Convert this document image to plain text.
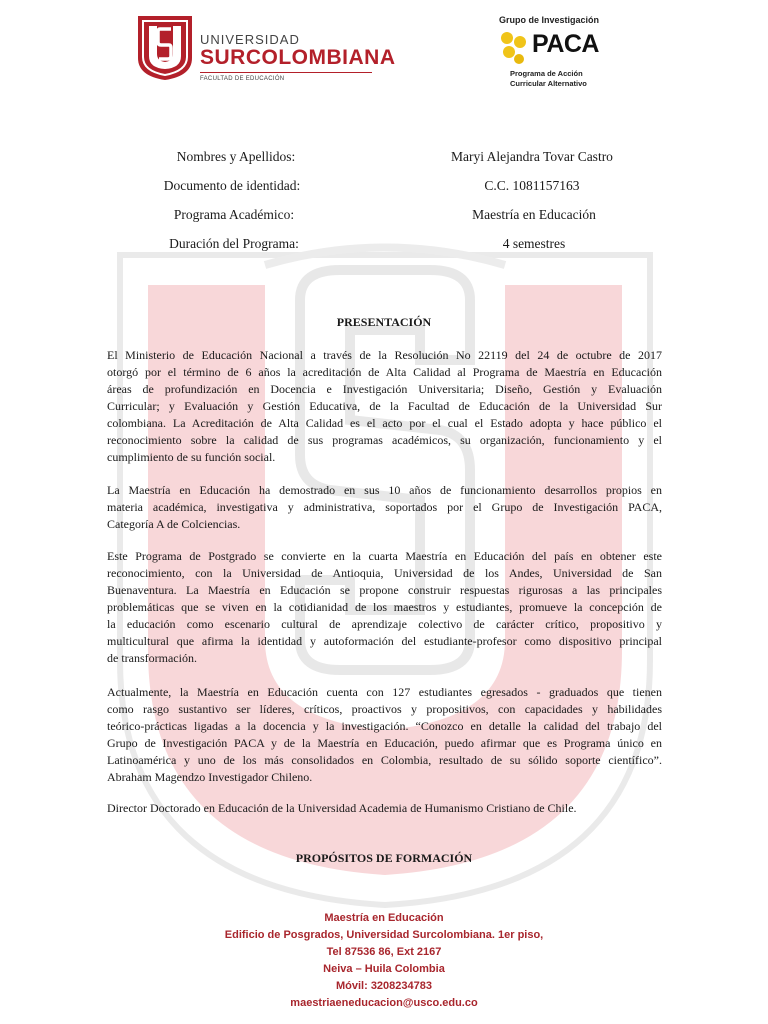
UNIVERSIDAD
SURCOLOMBIANA
FACULTAD DE EDUCACIÓN
Grupo de Investigación
PACA
Programa de Acción
Curricular Alternativo
Nombres y Apellidos:	Maryi Alejandra Tovar Castro
Documento de identidad:	C.C. 1081157163
Programa Académico:	Maestría en Educación
Duración del Programa:	4 semestres
PRESENTACIÓN
El Ministerio de Educación Nacional a través de la Resolución No 22119 del 24 de octubre de 2017
otorgó por el término de 6 años la acreditación de Alta Calidad al Programa de Maestría en Educación
áreas de profundización en Docencia e Investigación Universitaria; Diseño, Gestión y Evaluación
Curricular; y Evaluación y Gestión Educativa, de la Facultad de Educación de la Universidad Sur
colombiana. La Acreditación de Alta Calidad es el acto por el cual el Estado adopta y hace público el
reconocimiento sobre la calidad de sus programas académicos, su organización, funcionamiento y el
cumplimiento de su función social.
La Maestría en Educación ha demostrado en sus 10 años de funcionamiento desarrollos propios en
materia académica, investigativa y administrativa, soportados por el Grupo de Investigación PACA,
Categoría A de Colciencias.
Este Programa de Postgrado se convierte en la cuarta Maestría en Educación del país en obtener este
reconocimiento, con la Universidad de Antioquia, Universidad de los Andes, Universidad de San
Buenaventura. La Maestría en Educación se propone construir respuestas rigurosas a las principales
problemáticas que se viven en la cotidianidad de los maestros y estudiantes, promueve la concepción de
la educación como escenario cultural de aprendizaje colectivo de carácter crítico, propositivo y
multicultural que afirma la identidad y autoformación del estudiante-profesor como dispositivo principal
de transformación.
Actualmente, la Maestría en Educación cuenta con 127 estudiantes egresados - graduados que tienen
como rasgo sustantivo ser líderes, críticos, proactivos y propositivos, con capacidades y habilidades
teórico-prácticas ligadas a la docencia y la investigación. “Conozco en detalle la calidad del trabajo del
Grupo de Investigación PACA y de la Maestría en Educación, puedo afirmar que es Programa único en
Latinoamérica y uno de los más consolidados en Colombia, resultado de su sólido soporte científico”.
Abraham Magendzo Investigador Chileno.
Director Doctorado en Educación de la Universidad Academia de Humanismo Cristiano de Chile.
PROPÓSITOS DE FORMACIÓN
Maestría en Educación
Edificio de Posgrados, Universidad Surcolombiana. 1er piso,
Tel 87536 86, Ext 2167
Neiva – Huila Colombia
Móvil: 3208234783
maestriaeneducacion@usco.edu.co
